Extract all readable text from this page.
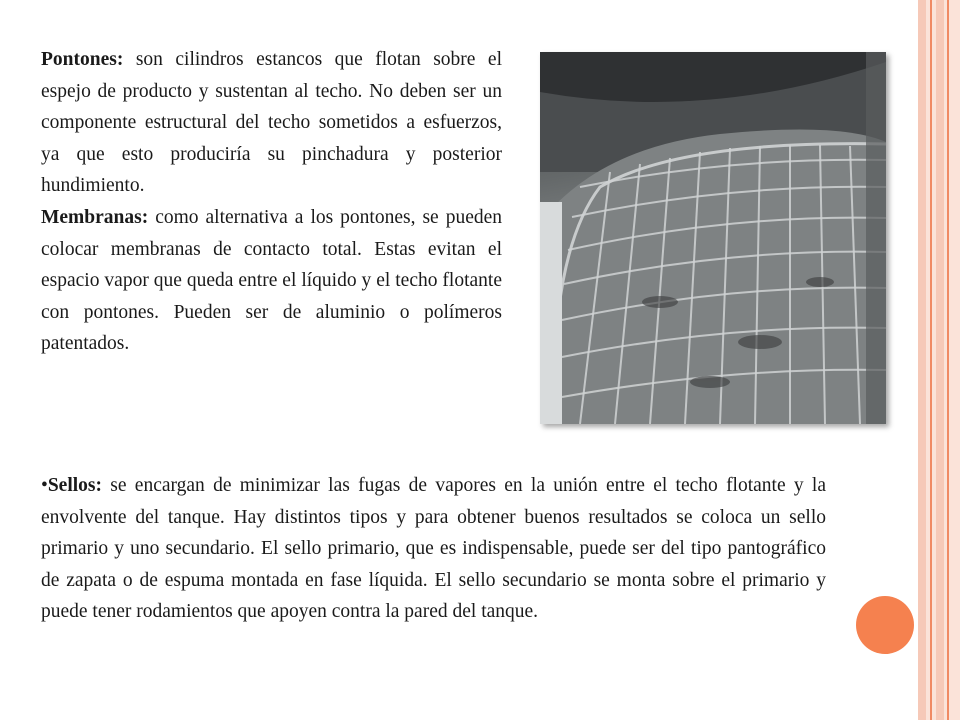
Pontones: son cilindros estancos que flotan sobre el espejo de producto y sustentan al techo. No deben ser un componente estructural del techo sometidos a esfuerzos, ya que esto produciría su pinchadura y posterior hundimiento.
Membranas: como alternativa a los pontones, se pueden colocar membranas de contacto total. Estas evitan el espacio vapor que queda entre el líquido y el techo flotante con pontones. Pueden ser de aluminio o polímeros patentados.
•Sellos: se encargan de minimizar las fugas de vapores en la unión entre el techo flotante y la envolvente del tanque. Hay distintos tipos y para obtener buenos resultados se coloca un sello primario y uno secundario. El sello primario, que es indispensable, puede ser del tipo pantográfico de zapata o de espuma montada en fase líquida. El sello secundario se monta sobre el primario y puede tener rodamientos que apoyen contra la pared del tanque.
